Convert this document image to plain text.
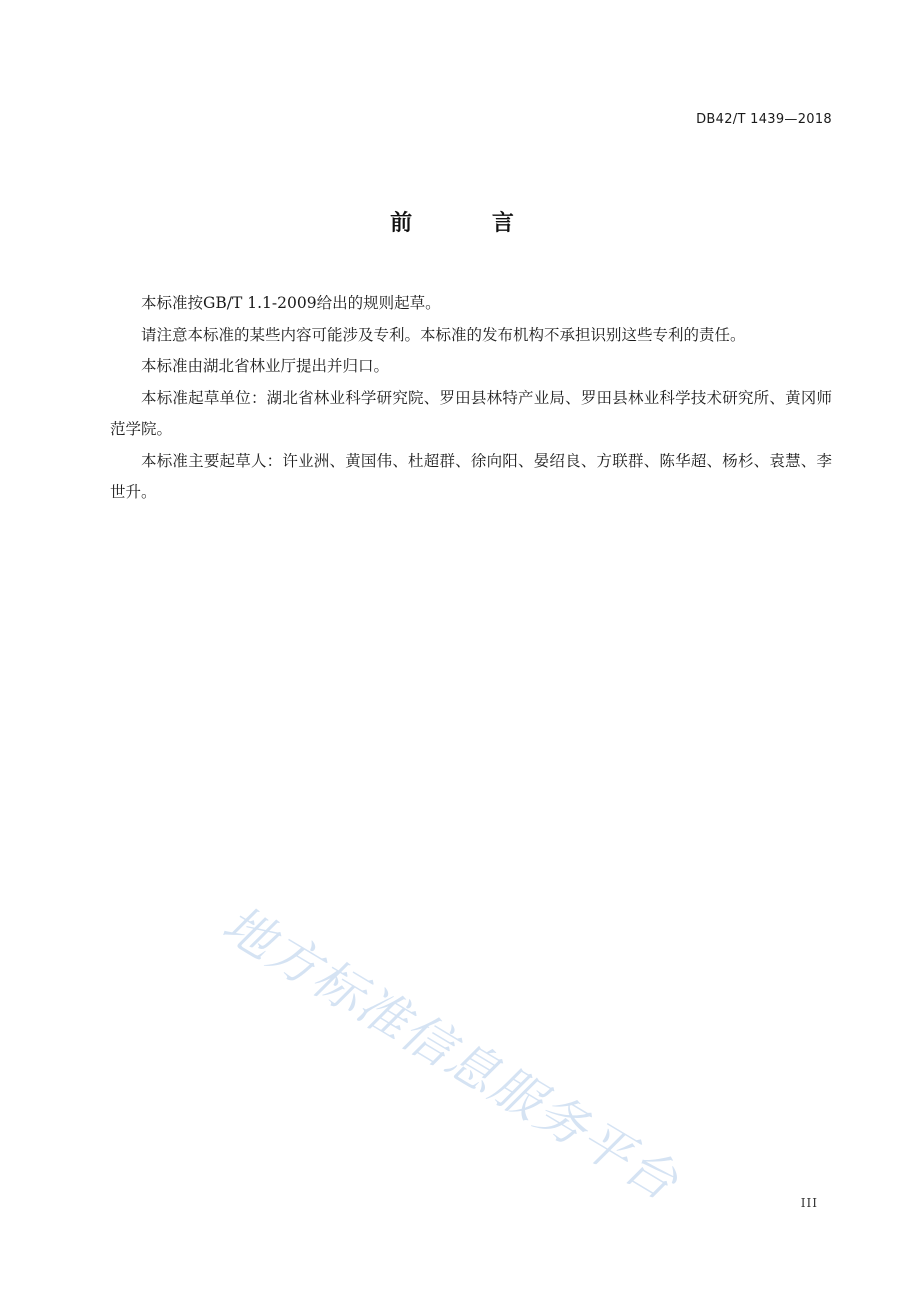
DB42/T 1439—2018
前 言

本标准按GB/T 1.1-2009给出的规则起草。

请注意本标准的某些内容可能涉及专利。本标准的发布机构不承担识别这些专利的责任。

本标准由湖北省林业厅提出并归口。

本标准起草单位：湖北省林业科学研究院、罗田县林特产业局、罗田县林业科学技术研究所、黄冈师范学院。

本标准主要起草人：许业洲、黄国伟、杜超群、徐向阳、晏绍良、方联群、陈华超、杨杉、袁慧、李世升。

地方标准信息服务平台	III
